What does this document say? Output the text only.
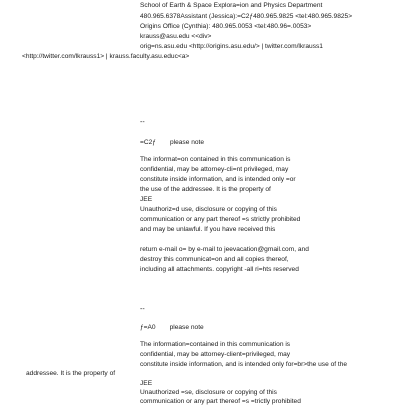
School of Earth & Space Explora=ion and Physics Department

480.965.6378Assistant (Jessica):=C2ƒ480.965.9825 <tel:480.965.9825>

Origins Office (Cynthia): 480.965.0053 <tel:480.96=.0053>

krauss@asu.edu <<div>

orig=ns.asu.edu <http://origins.asu.edu/> | twitter.com/lkrauss1

<http://twitter.com/lkrauss1> | krauss.faculty.asu.educ<a>

--

=C2ƒ please note

The informat=on contained in this communication is

confidential, may be attorney-cli=nt privileged, may

constitute inside information, and is intended only =or

the use of the addressee. It is the property of

JEE

Unauthoriz=d use, disclosure or copying of this

communication or any part thereof =s strictly prohibited

and may be unlawful. If you have received this

return e-mail o= by e-mail to jeevacation@gmail.com, and

destroy this communicat=on and all copies thereof,

including all attachments. copyright -all ri=hts reserved

--

ƒ=A0 please note

The information=contained in this communication is

confidential, may be attorney-client=privileged, may

constitute inside information, and is intended only for=br>the use of the

addressee. It is the property of

JEE

Unauthorized =se, disclosure or copying of this

communication or any part thereof =s =trictly prohibited
